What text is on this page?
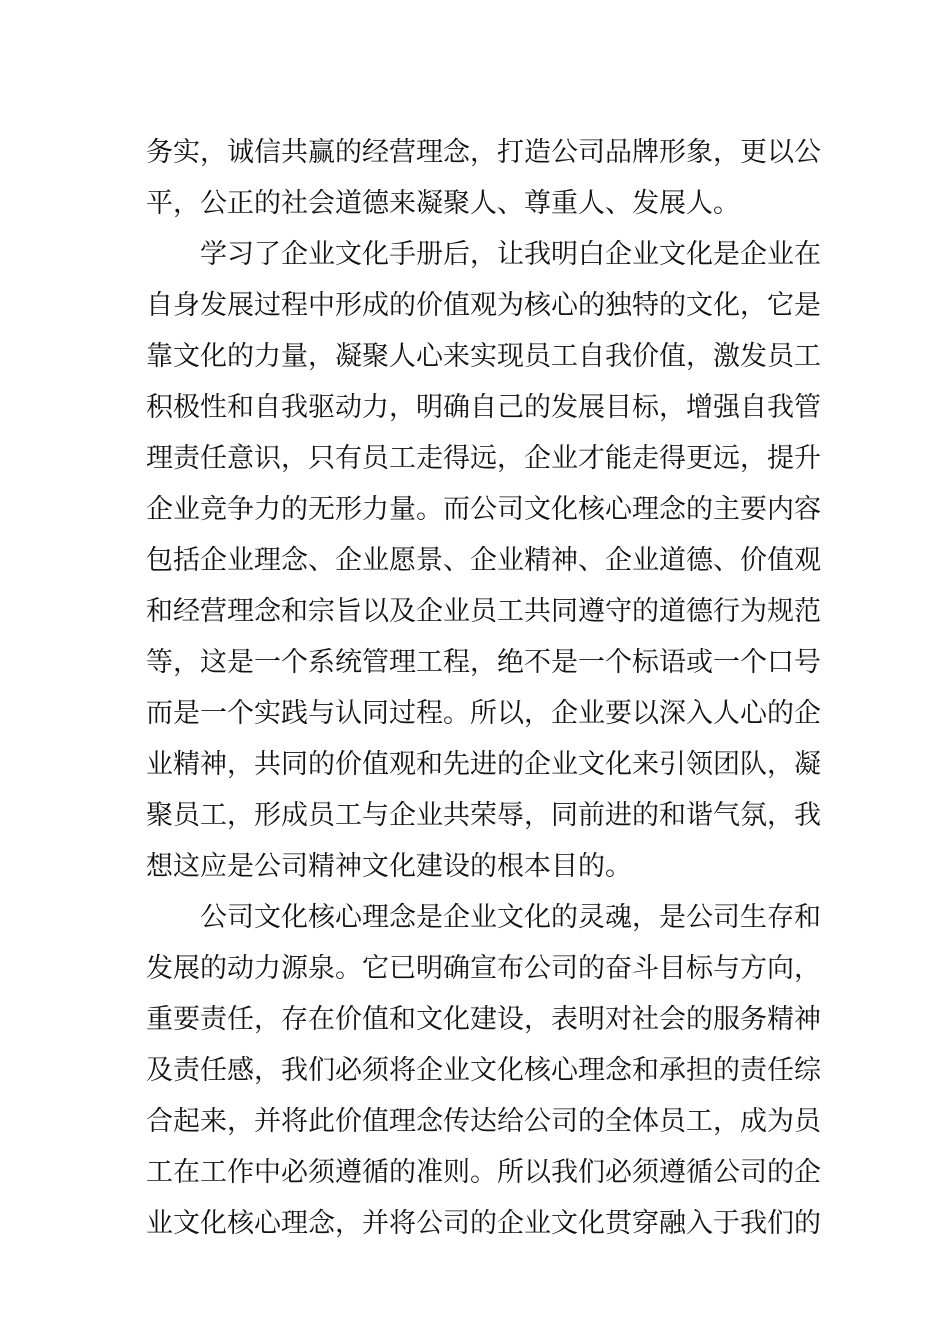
务实，诚信共赢的经营理念，打造公司品牌形象，更以公
平，公正的社会道德来凝聚人、尊重人、发展人。
　　学习了企业文化手册后，让我明白企业文化是企业在
自身发展过程中形成的价值观为核心的独特的文化，它是
靠文化的力量，凝聚人心来实现员工自我价值，激发员工
积极性和自我驱动力，明确自己的发展目标，增强自我管
理责任意识，只有员工走得远，企业才能走得更远，提升
企业竞争力的无形力量。而公司文化核心理念的主要内容
包括企业理念、企业愿景、企业精神、企业道德、价值观
和经营理念和宗旨以及企业员工共同遵守的道德行为规范
等，这是一个系统管理工程，绝不是一个标语或一个口号
而是一个实践与认同过程。所以，企业要以深入人心的企
业精神，共同的价值观和先进的企业文化来引领团队，凝
聚员工，形成员工与企业共荣辱，同前进的和谐气氛，我
想这应是公司精神文化建设的根本目的。
　　公司文化核心理念是企业文化的灵魂，是公司生存和
发展的动力源泉。它已明确宣布公司的奋斗目标与方向，
重要责任，存在价值和文化建设，表明对社会的服务精神
及责任感，我们必须将企业文化核心理念和承担的责任综
合起来，并将此价值理念传达给公司的全体员工，成为员
工在工作中必须遵循的准则。所以我们必须遵循公司的企
业文化核心理念，并将公司的企业文化贯穿融入于我们的
